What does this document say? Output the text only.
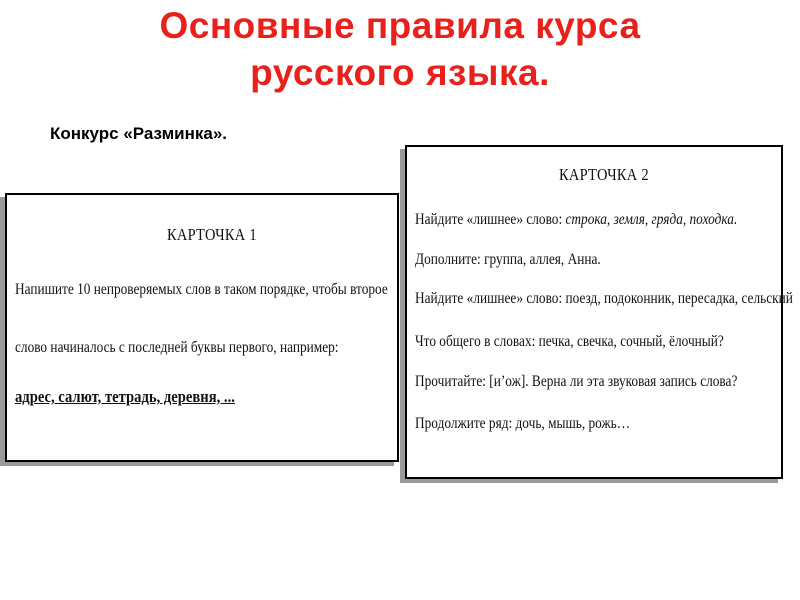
Основные правила курса
русского языка.
Конкурс «Разминка».
КАРТОЧКА 1
Напишите 10 непроверяемых слов в таком порядке, чтобы второе
слово начиналось с последней буквы первого, например:
адрес, салют, тетрадь, деревня, ...
КАРТОЧКА 2
Найдите «лишнее» слово: строка, земля, гряда, походка.
Дополните: группа, аллея, Анна.
Найдите «лишнее» слово: поезд, подоконник, пересадка, сельский
Что общего в словах: печка, свечка, сочный, ёлочный?
Прочитайте: [и’ож]. Верна ли эта звуковая запись слова?
Продолжите ряд: дочь, мышь, рожь…
